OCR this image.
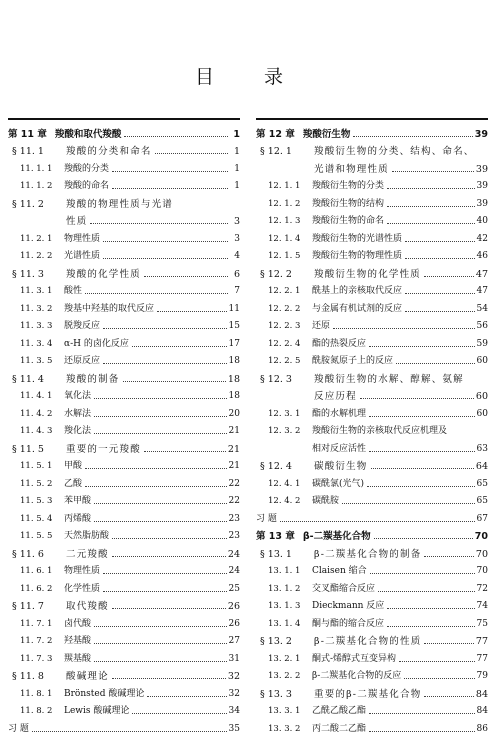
目 录
第 11 章 羧酸和取代羧酸	1
§ 11. 1	羧酸的分类和命名	1
11. 1. 1	羧酸的分类	1
11. 1. 2	羧酸的命名	1
§ 11. 2	羧酸的物理性质与光谱
性质	3
11. 2. 1	物理性质	3
11. 2. 2	光谱性质	4
§ 11. 3	羧酸的化学性质	6
11. 3. 1	酸性	7
11. 3. 2	羧基中羟基的取代反应	11
11. 3. 3	脱羧反应	15
11. 3. 4	α-H 的卤化反应	17
11. 3. 5	还原反应	18
§ 11. 4	羧酸的制备	18
11. 4. 1	氧化法	18
11. 4. 2	水解法	20
11. 4. 3	羧化法	21
§ 11. 5	重要的一元羧酸	21
11. 5. 1	甲酸	21
11. 5. 2	乙酸	22
11. 5. 3	苯甲酸	22
11. 5. 4	丙烯酸	23
11. 5. 5	天然脂肪酸	23
§ 11. 6	二元羧酸	24
11. 6. 1	物理性质	24
11. 6. 2	化学性质	25
§ 11. 7	取代羧酸	26
11. 7. 1	卤代酸	26
11. 7. 2	羟基酸	27
11. 7. 3	羰基酸	31
§ 11. 8	酸碱理论	32
11. 8. 1	Brönsted 酸碱理论	32
11. 8. 2	Lewis 酸碱理论	34
习 题	35
第 12 章 羧酸衍生物	39
§ 12. 1	羧酸衍生物的分类、结构、命名、
光谱和物理性质	39
12. 1. 1	羧酸衍生物的分类	39
12. 1. 2	羧酸衍生物的结构	39
12. 1. 3	羧酸衍生物的命名	40
12. 1. 4	羧酸衍生物的光谱性质	42
12. 1. 5	羧酸衍生物的物理性质	46
§ 12. 2	羧酸衍生物的化学性质	47
12. 2. 1	酰基上的亲核取代反应	47
12. 2. 2	与金属有机试剂的反应	54
12. 2. 3	还原	56
12. 2. 4	酯的热裂反应	59
12. 2. 5	酰胺氮原子上的反应	60
§ 12. 3	羧酸衍生物的水解、醇解、氨解
反应历程	60
12. 3. 1	酯的水解机理	60
12. 3. 2	羧酸衍生物的亲核取代反应机理及
相对反应活性	63
§ 12. 4	碳酸衍生物	64
12. 4. 1	碳酰氯(光气)	65
12. 4. 2	碳酰胺	65
习 题	67
第 13 章 β-二羰基化合物	70
§ 13. 1	β-二羰基化合物的制备	70
13. 1. 1	Claisen 缩合	70
13. 1. 2	交叉酯缩合反应	72
13. 1. 3	Dieckmann 反应	74
13. 1. 4	酮与酯的缩合反应	75
§ 13. 2	β-二羰基化合物的性质	77
13. 2. 1	酮式-烯醇式互变异构	77
13. 2. 2	β-二羰基化合物的反应	79
§ 13. 3	重要的β-二羰基化合物	84
13. 3. 1	乙酰乙酸乙酯	84
13. 3. 2	丙二酸二乙酯	86
